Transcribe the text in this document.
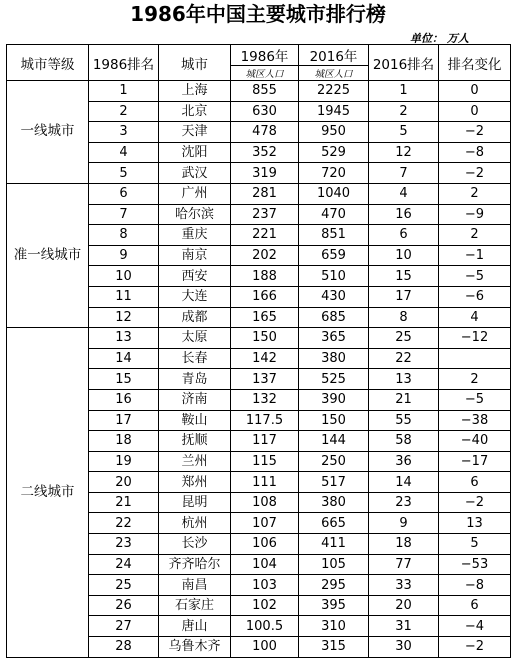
1986年中国主要城市排行榜
单位： 万人
城市等级	1986排名	城市	1986年	2016年	2016排名	排名变化
			城区人口	城区人口		
一线城市	1	上海	855	2225	1	0
	2	北京	630	1945	2	0
	3	天津	478	950	5	−2
	4	沈阳	352	529	12	−8
	5	武汉	319	720	7	−2
准一线城市	6	广州	281	1040	4	2
	7	哈尔滨	237	470	16	−9
	8	重庆	221	851	6	2
	9	南京	202	659	10	−1
	10	西安	188	510	15	−5
	11	大连	166	430	17	−6
	12	成都	165	685	8	4
二线城市	13	太原	150	365	25	−12
	14	长春	142	380	22	
	15	青岛	137	525	13	2
	16	济南	132	390	21	−5
	17	鞍山	117.5	150	55	−38
	18	抚顺	117	144	58	−40
	19	兰州	115	250	36	−17
	20	郑州	111	517	14	6
	21	昆明	108	380	23	−2
	22	杭州	107	665	9	13
	23	长沙	106	411	18	5
	24	齐齐哈尔	104	105	77	−53
	25	南昌	103	295	33	−8
	26	石家庄	102	395	20	6
	27	唐山	100.5	310	31	−4
	28	乌鲁木齐	100	315	30	−2
